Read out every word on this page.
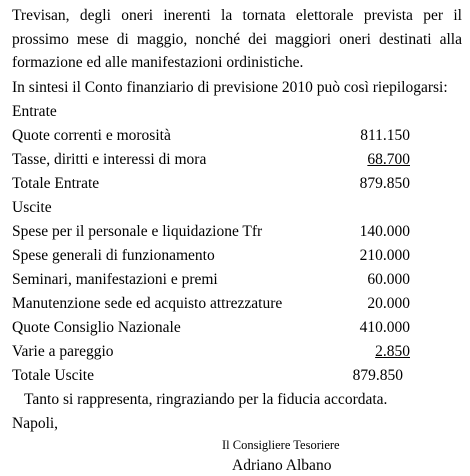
Trevisan, degli oneri inerenti la tornata elettorale prevista per il prossimo mese di maggio, nonché dei maggiori oneri destinati alla formazione ed alle manifestazioni ordinistiche.

In sintesi il Conto finanziario di previsione 2010 può così riepilogarsi:
Entrate
Quote correnti e morosità	811.150
Tasse, diritti e interessi di mora	68.700
Totale Entrate	879.850
Uscite
Spese per il personale e liquidazione Tfr	140.000
Spese generali di funzionamento	210.000
Seminari, manifestazioni e premi	60.000
Manutenzione sede ed acquisto attrezzature	20.000
Quote Consiglio Nazionale	410.000
Varie a pareggio	2.850
Totale Uscite	879.850
Tanto si rappresenta, ringraziando per la fiducia accordata.
Napoli,
Il Consigliere Tesoriere
Adriano Albano
